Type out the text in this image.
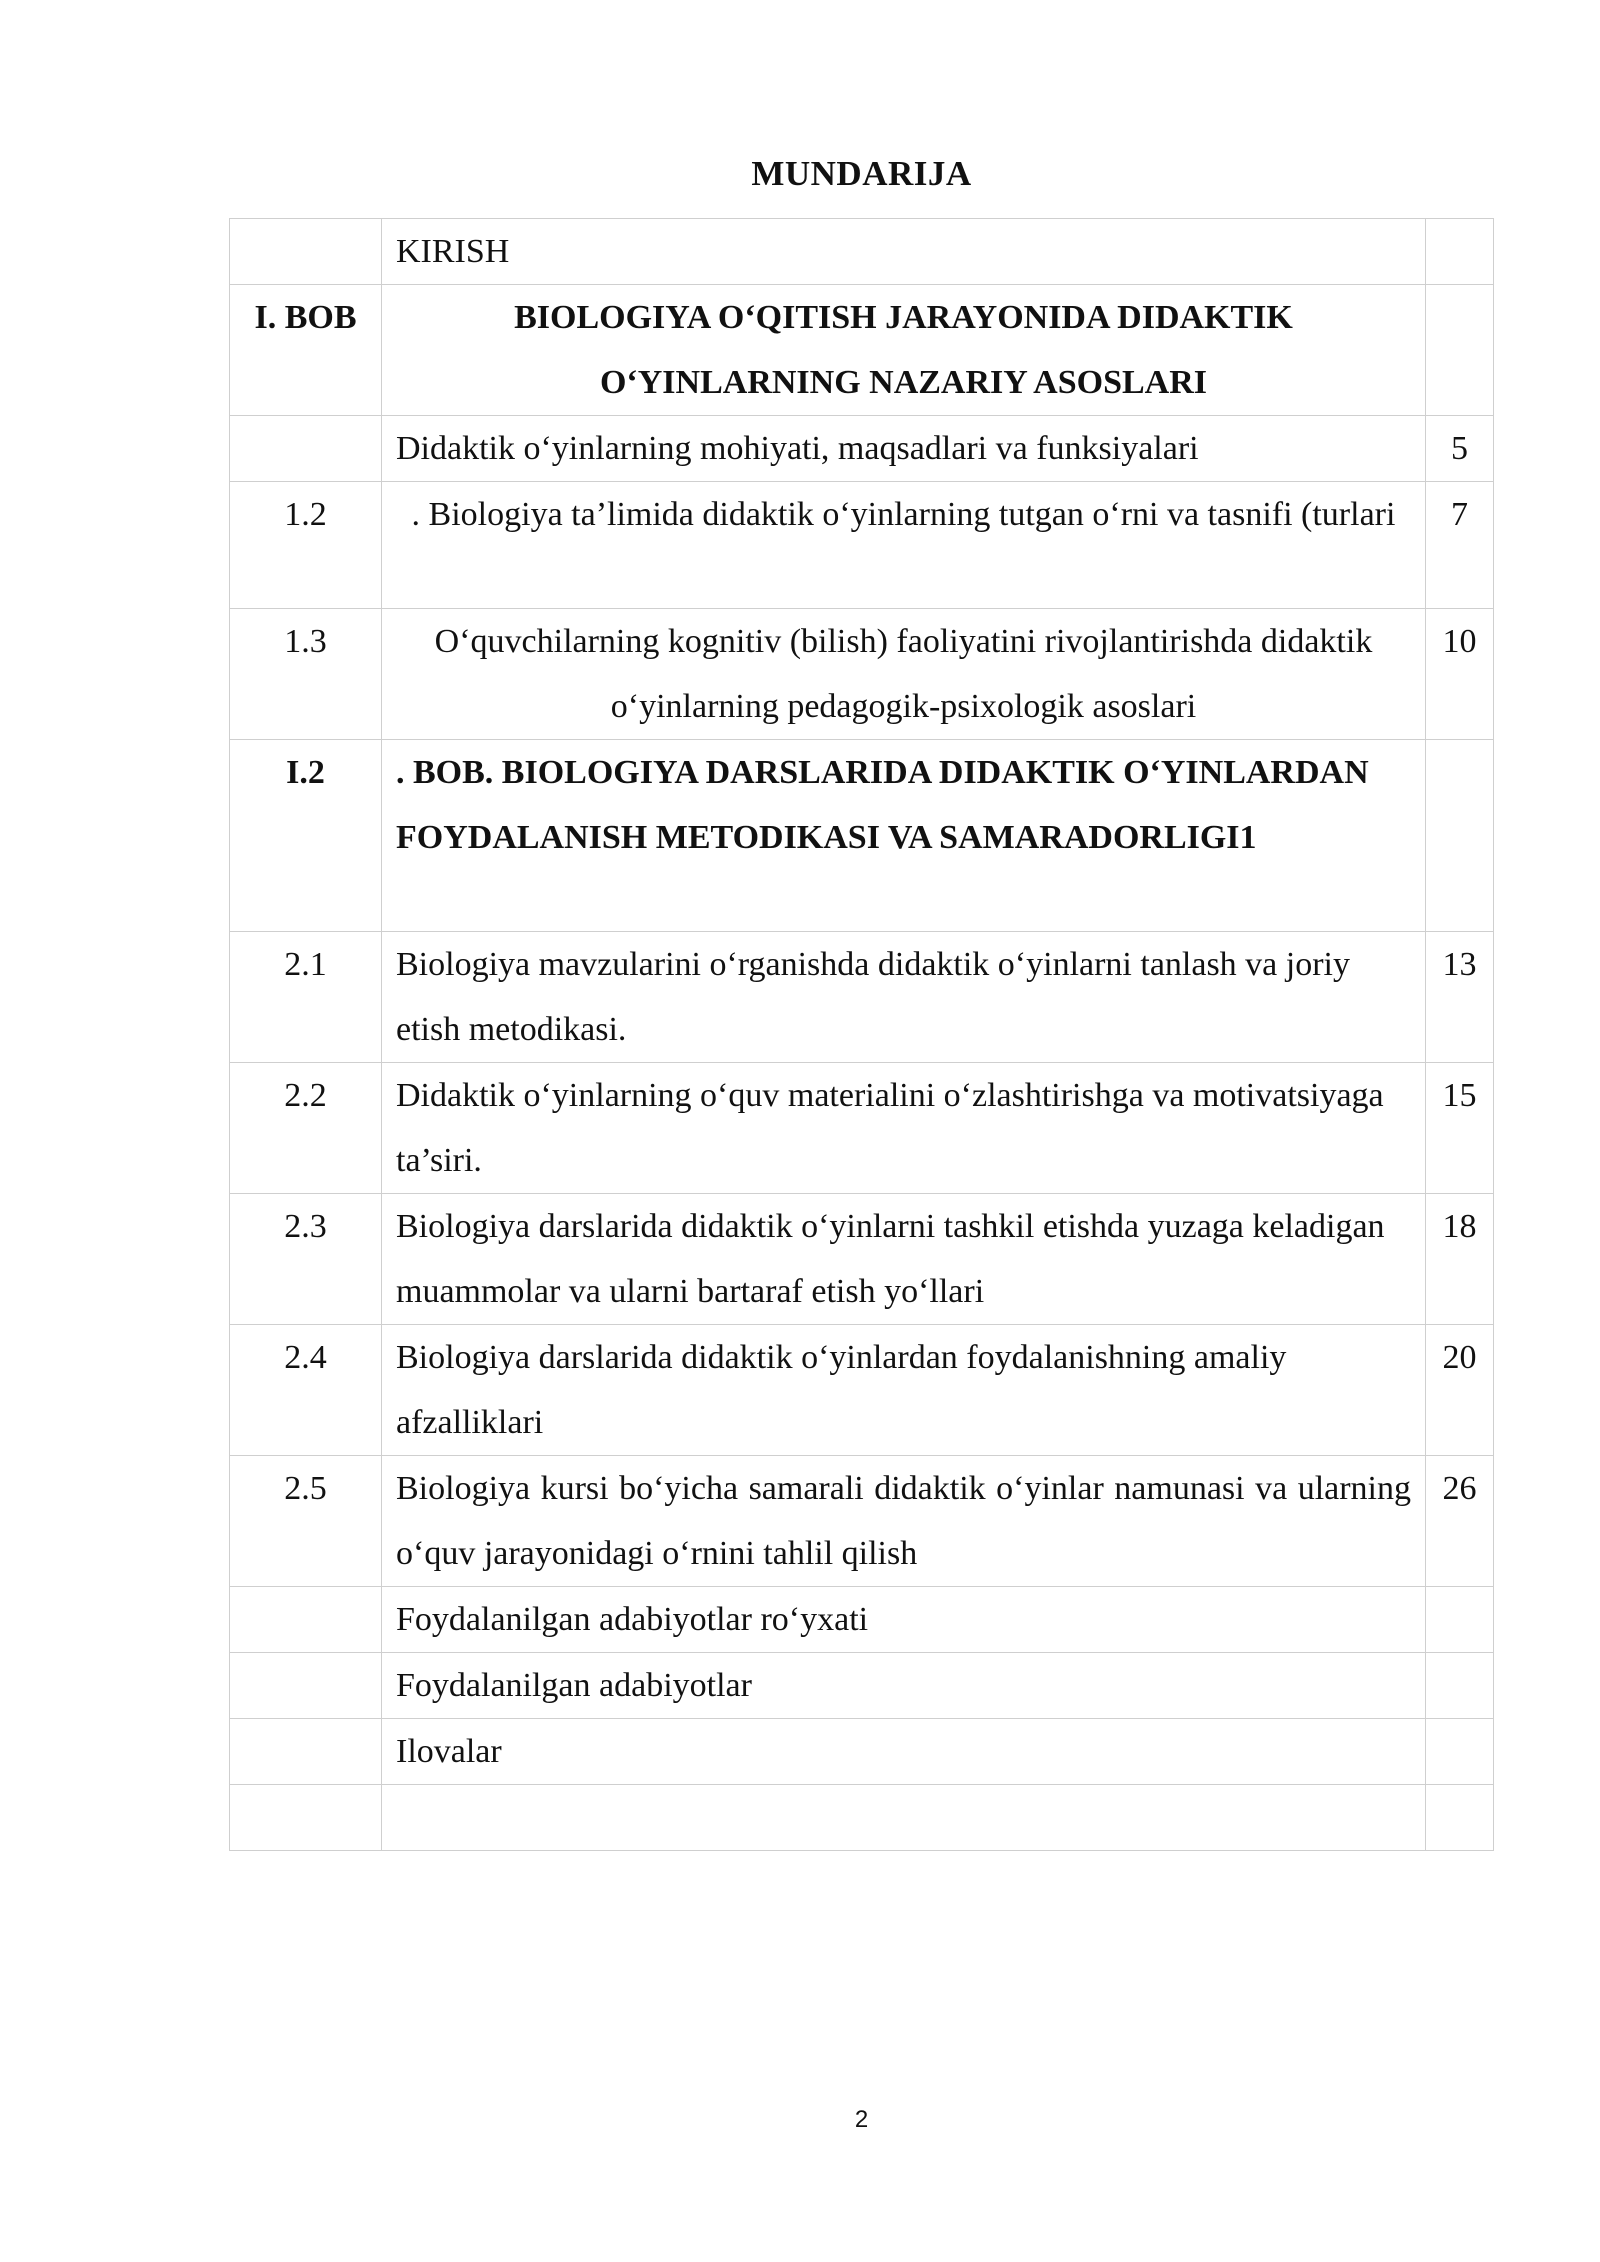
MUNDARIJA
	KIRISH	
I. BOB	BIOLOGIYA O‘QITISH JARAYONIDA DIDAKTIK O‘YINLARNING NAZARIY ASOSLARI	
	Didaktik o‘yinlarning mohiyati, maqsadlari va funksiyalari	5
1.2	. Biologiya ta’limida didaktik o‘yinlarning tutgan o‘rni va tasnifi (turlari	7
1.3	O‘quvchilarning kognitiv (bilish) faoliyatini rivojlantirishda didaktik o‘yinlarning pedagogik-psixologik asoslari	10
I.2	. BOB. BIOLOGIYA DARSLARIDA DIDAKTIK O‘YINLARDAN FOYDALANISH METODIKASI VA SAMARADORLIGI1	
2.1	Biologiya mavzularini o‘rganishda didaktik o‘yinlarni tanlash va joriy etish metodikasi.	13
2.2	Didaktik o‘yinlarning o‘quv materialini o‘zlashtirishga va motivatsiyaga ta’siri.	15
2.3	Biologiya darslarida didaktik o‘yinlarni tashkil etishda yuzaga keladigan muammolar va ularni bartaraf etish yo‘llari	18
2.4	Biologiya darslarida didaktik o‘yinlardan foydalanishning amaliy afzalliklari	20
2.5	Biologiya kursi bo‘yicha samarali didaktik o‘yinlar namunasi va ularning o‘quv jarayonidagi o‘rnini tahlil qilish	26
	Foydalanilgan adabiyotlar ro‘yxati	
	Foydalanilgan adabiyotlar	
	Ilovalar	

2
